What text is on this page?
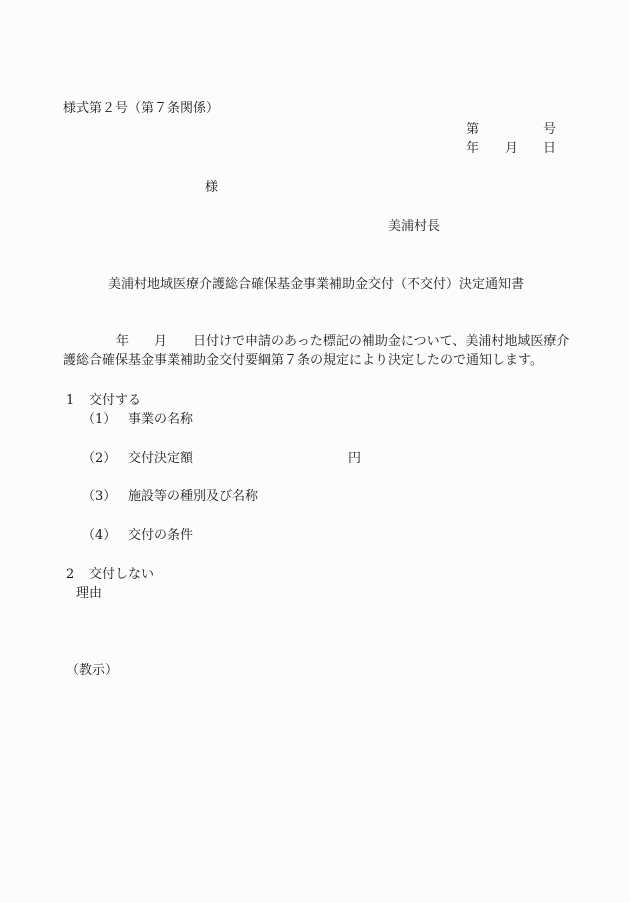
様式第２号（第７条関係）
第	号
年 月 日
様
美浦村長
美浦村地域医療介護総合確保基金事業補助金交付（不交付）決定通知書
年 月 日付けで申請のあった標記の補助金について、美浦村地域医療介
護総合確保基金事業補助金交付要綱第７条の規定により決定したので通知します。
1 交付する
（1） 事業の名称
（2） 交付決定額	円
（3） 施設等の種別及び名称
（4） 交付の条件
2 交付しない
理由
（教示）
